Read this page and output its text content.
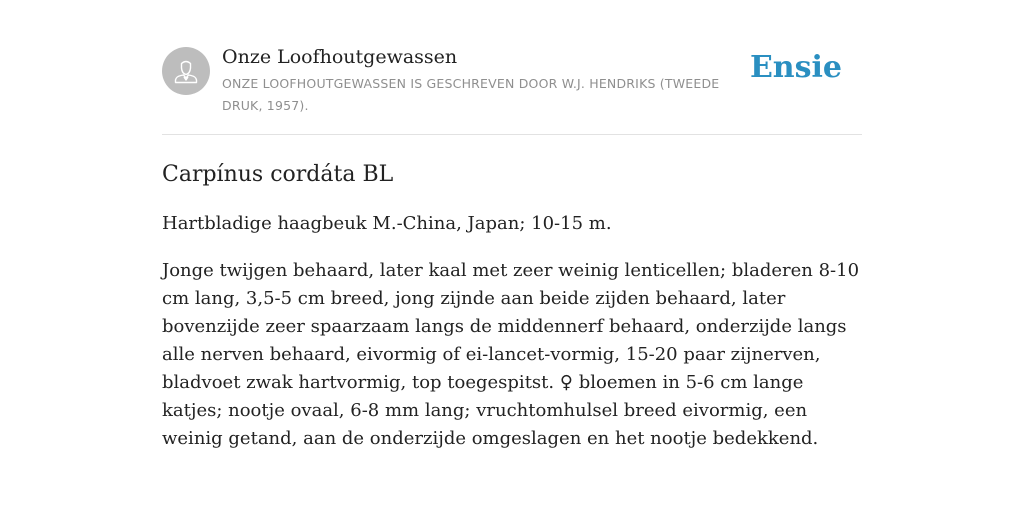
Onze Loofhoutgewassen
ONZE LOOFHOUTGEWASSEN IS GESCHREVEN DOOR W.J. HENDRIKS (TWEEDE DRUK, 1957).
Ensie
Carpínus cordáta BL

Hartbladige haagbeuk M.-China, Japan; 10-15 m.

Jonge twijgen behaard, later kaal met zeer weinig lenticellen; bladeren 8-10 cm lang, 3,5-5 cm breed, jong zijnde aan beide zijden behaard, later bovenzijde zeer spaarzaam langs de middennerf behaard, onderzijde langs alle nerven behaard, eivormig of ei-lancet-vormig, 15-20 paar zijnerven, bladvoet zwak hartvormig, top toegespitst. ♀ bloemen in 5-6 cm lange katjes; nootje ovaal, 6-8 mm lang; vruchtomhulsel breed eivormig, een weinig getand, aan de onderzijde omgeslagen en het nootje bedekkend.
